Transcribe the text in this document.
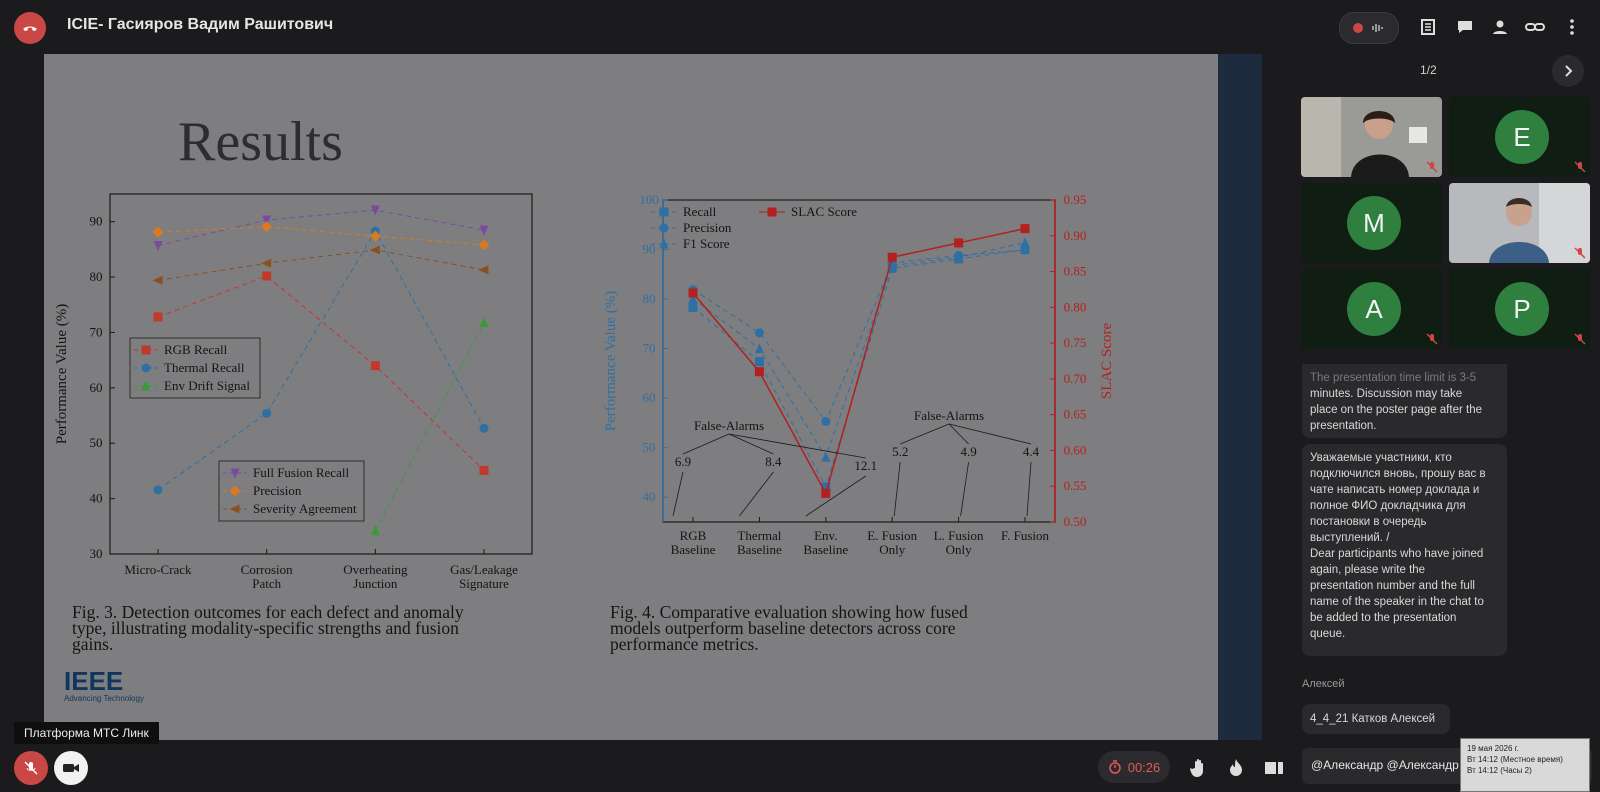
ICIE- Гасияров Вадим Рашитович
Results
30
40
50
60
70
80
90
Micro-Crack	Corrosion
Patch
Overheating
Junction
Gas/Leakage
Signature
Performance Value (%)	RGB Recall
Thermal Recall
Env Drift Signal
Full Fusion Recall
Precision
Severity Agreement
40
50
60
70
80
90
100
0.50
0.55
0.60
0.65
0.70
0.75
0.80
0.85
0.90
0.95
RGB
Baseline
Thermal
Baseline
Env.
Baseline
E. Fusion
Only
L. Fusion
Only
F. Fusion
Performance Value (%)	SLAC Score
Recall
Precision
F1 Score
SLAC Score
False-Alarms
6.9	8.4	12.1
False-Alarms
5.2	4.9	4.4
Fig. 3. Detection outcomes for each defect and anomaly
type, illustrating modality-specific strengths and fusion
gains.
Fig. 4. Comparative evaluation showing how fused
models outperform baseline detectors across core
performance metrics.
IEEE
Advancing Technology
Платформа МТС Линк
00:26
1/2
E
M
A	P
The presentation time limit is 3-5
minutes. Discussion may take
place on the poster page after the
presentation.
Уважаемые участники, кто
подключился вновь, прошу вас в
чате написать номер доклада и
полное ФИО докладчика для
постановки в очередь
выступлений. /
Dear participants who have joined
again, please write the
presentation number and the full
name of the speaker in the chat to
be added to the presentation
queue.
Алексей
4_4_21 Катков Алексей
@Александр @Александр
19 мая 2026 г.
Вт 14:12 (Местное время)
Вт 14:12 (Часы 2)
